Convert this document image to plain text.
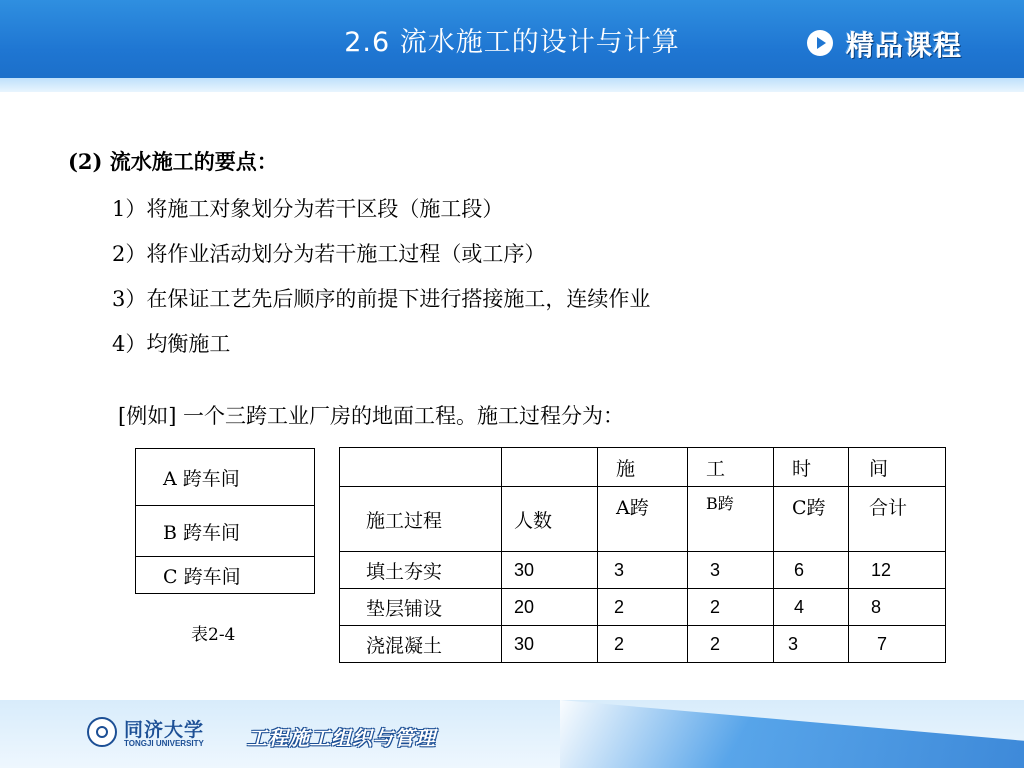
2.6 流水施工的设计与计算	精品课程
(2) 流水施工的要点：
1）将施工对象划分为若干区段（施工段）
2）将作业活动划分为若干施工过程（或工序）
3）在保证工艺先后顺序的前提下进行搭接施工，连续作业
4）均衡施工
[例如] 一个三跨工业厂房的地面工程。施工过程分为：
A 跨车间
B 跨车间
C 跨车间
表2-4
		施	工	时	间
施工过程	人数	A跨	B跨	C跨	合计
填土夯实	30	3	3	6	12
垫层铺设	20	2	2	4	8
浇混凝土	30	2	2	3	7
同济大学
TONGJI UNIVERSITY 工程施工组织与管理
